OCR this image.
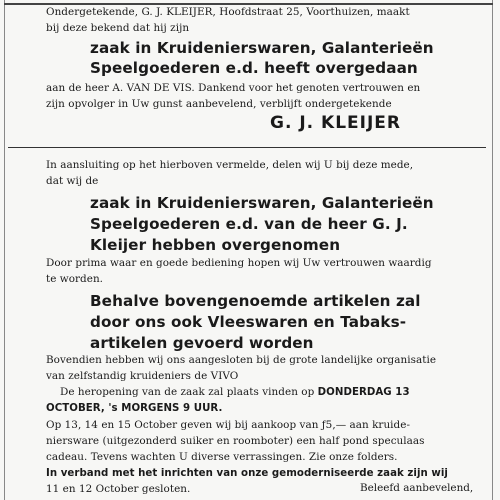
Ondergetekende, G. J. KLEIJER, Hoofdstraat 25, Voorthuizen, maakt
bij deze bekend dat hij zijn
zaak in Kruidenierswaren, Galanterieën
Speelgoederen e.d. heeft overgedaan
aan de heer A. VAN DE VIS. Dankend voor het genoten vertrouwen en
zijn opvolger in Uw gunst aanbevelend, verblijft ondergetekende
G. J. KLEIJER
In aansluiting op het hierboven vermelde, delen wij U bij deze mede,
dat wij de
zaak in Kruidenierswaren, Galanterieën
Speelgoederen e.d. van de heer G. J.
Kleijer hebben overgenomen
Door prima waar en goede bediening hopen wij Uw vertrouwen waardig
te worden.
Behalve bovengenoemde artikelen zal
door ons ook Vleeswaren en Tabaks-
artikelen gevoerd worden
Bovendien hebben wij ons aangesloten bij de grote landelijke organisatie
van zelfstandig kruideniers de VIVO
De heropening van de zaak zal plaats vinden op DONDERDAG 13
OCTOBER, 's MORGENS 9 UUR.
Op 13, 14 en 15 October geven wij bij aankoop van ƒ5,— aan kruide-
niersware (uitgezonderd suiker en roomboter) een half pond speculaas
cadeau. Tevens wachten U diverse verrassingen. Zie onze folders.
In verband met het inrichten van onze gemoderniseerde zaak zijn wij
11 en 12 October gesloten.	Beleefd aanbevelend,
